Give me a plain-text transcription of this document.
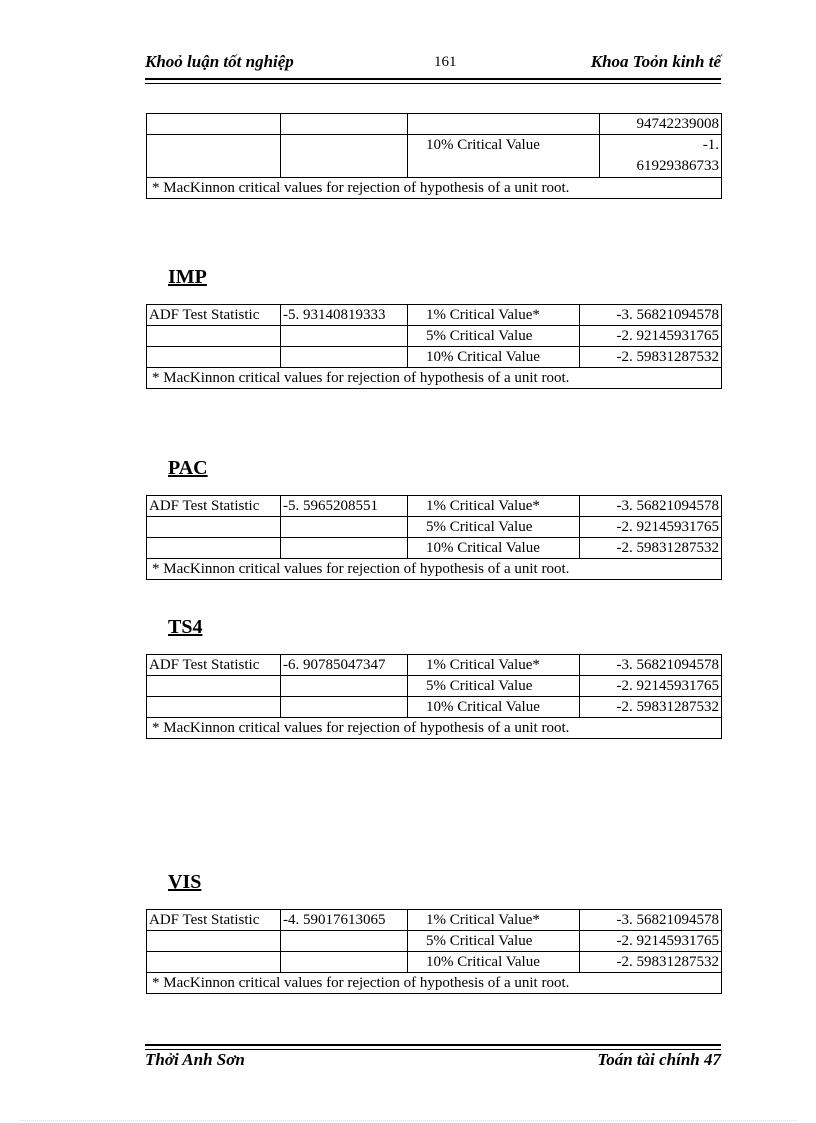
Khoỏ luận tốt nghiệp	161	Khoa Toỏn kinh tế
			94742239008
		10% Critical Value	-1.
61929386733

* MacKinnon critical values for rejection of hypothesis of a unit root.			
IMP
ADF Test Statistic	-5. 93140819333	1% Critical Value*	-3. 56821094578
		5% Critical Value	-2. 92145931765
		10% Critical Value	-2. 59831287532
* MacKinnon critical values for rejection of hypothesis of a unit root.			
PAC
ADF Test Statistic	-5. 5965208551	1% Critical Value*	-3. 56821094578
		5% Critical Value	-2. 92145931765
		10% Critical Value	-2. 59831287532
* MacKinnon critical values for rejection of hypothesis of a unit root.			
TS4
ADF Test Statistic	-6. 90785047347	1% Critical Value*	-3. 56821094578
		5% Critical Value	-2. 92145931765
		10% Critical Value	-2. 59831287532
* MacKinnon critical values for rejection of hypothesis of a unit root.			
VIS
ADF Test Statistic	-4. 59017613065	1% Critical Value*	-3. 56821094578
		5% Critical Value	-2. 92145931765
		10% Critical Value	-2. 59831287532
* MacKinnon critical values for rejection of hypothesis of a unit root.			
Thởi Anh Sơn	Toán tài chính 47
